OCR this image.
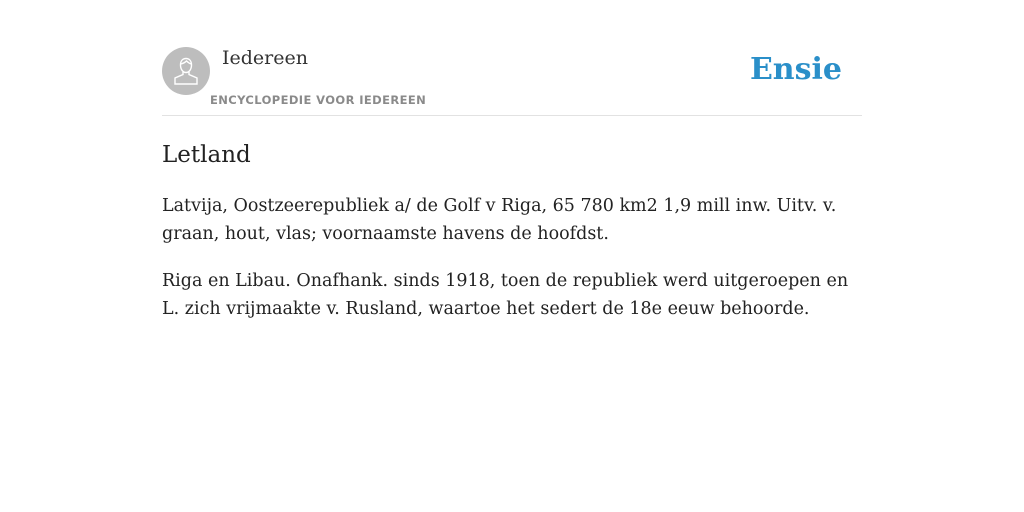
Iedereen
ENCYCLOPEDIE VOOR IEDEREEN
Ensie
Letland

Latvija, Oostzeerepubliek a/ de Golf v Riga, 65 780 km2 1,9 mill inw. Uitv. v. graan, hout, vlas; voornaamste havens de hoofdst.

Riga en Libau. Onafhank. sinds 1918, toen de republiek werd uitgeroepen en L. zich vrijmaakte v. Rusland, waartoe het sedert de 18e eeuw behoorde.
